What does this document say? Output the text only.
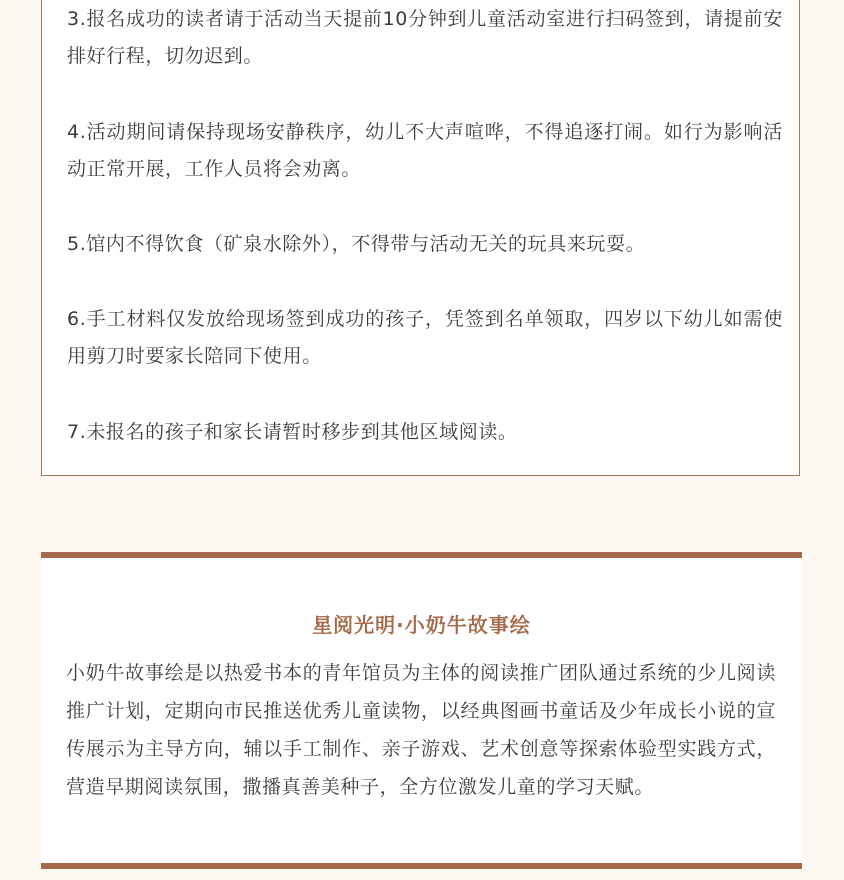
3.报名成功的读者请于活动当天提前10分钟到儿童活动室进行扫码签到，请提前安排好行程，切勿迟到。

4.活动期间请保持现场安静秩序，幼儿不大声喧哗，不得追逐打闹。如行为影响活动正常开展，工作人员将会劝离。

5.馆内不得饮食（矿泉水除外），不得带与活动无关的玩具来玩耍。

6.手工材料仅发放给现场签到成功的孩子，凭签到名单领取，四岁以下幼儿如需使用剪刀时要家长陪同下使用。

7.未报名的孩子和家长请暂时移步到其他区域阅读。

星阅光明·小奶牛故事绘

小奶牛故事绘是以热爱书本的青年馆员为主体的阅读推广团队通过系统的少儿阅读推广计划，定期向市民推送优秀儿童读物，以经典图画书童话及少年成长小说的宣传展示为主导方向，辅以手工制作、亲子游戏、艺术创意等探索体验型实践方式，营造早期阅读氛围，撒播真善美种子，全方位激发儿童的学习天赋。
